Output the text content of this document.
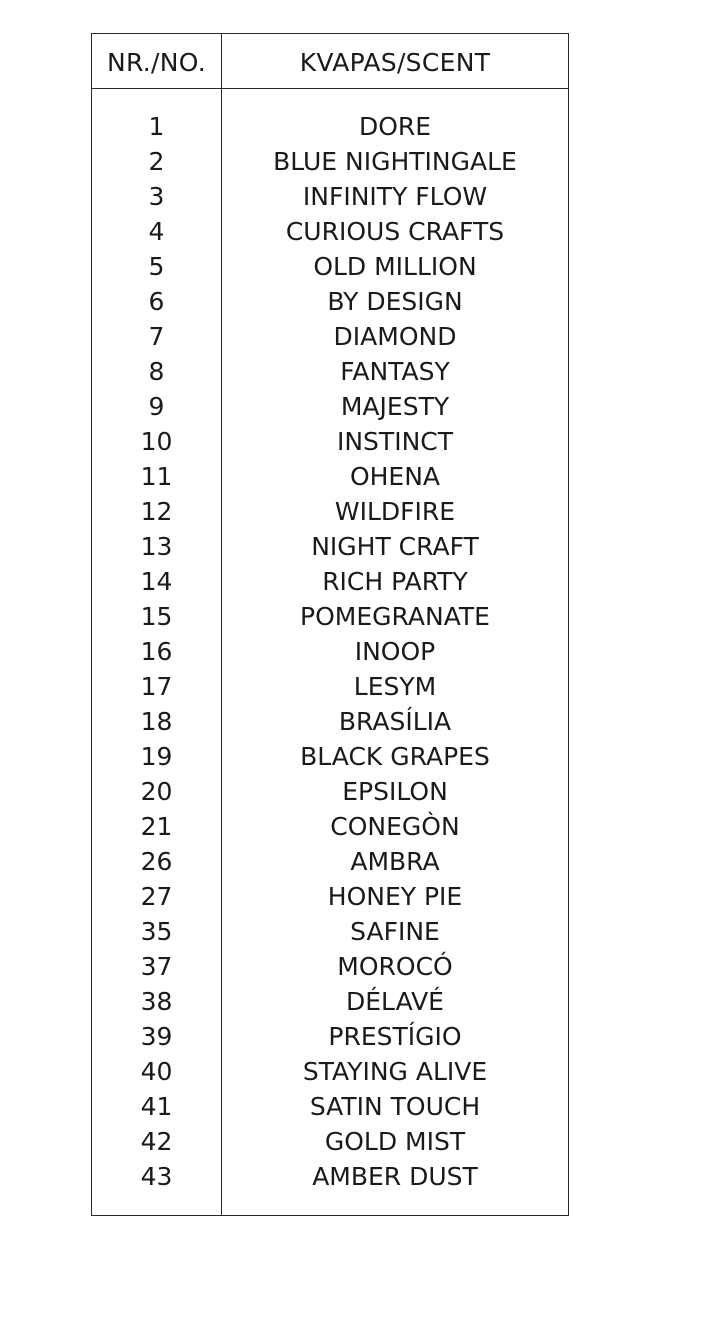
NR./NO.	KVAPAS/SCENT
1	DORE
2	BLUE NIGHTINGALE
3	INFINITY FLOW
4	CURIOUS CRAFTS
5	OLD MILLION
6	BY DESIGN
7	DIAMOND
8	FANTASY
9	MAJESTY
10	INSTINCT
11	OHENA
12	WILDFIRE
13	NIGHT CRAFT
14	RICH PARTY
15	POMEGRANATE
16	INOOP
17	LESYM
18	BRASÍLIA
19	BLACK GRAPES
20	EPSILON
21	CONEGÒN
26	AMBRA
27	HONEY PIE
35	SAFINE
37	MOROCÓ
38	DÉLAVÉ
39	PRESTÍGIO
40	STAYING ALIVE
41	SATIN TOUCH
42	GOLD MIST
43	AMBER DUST
